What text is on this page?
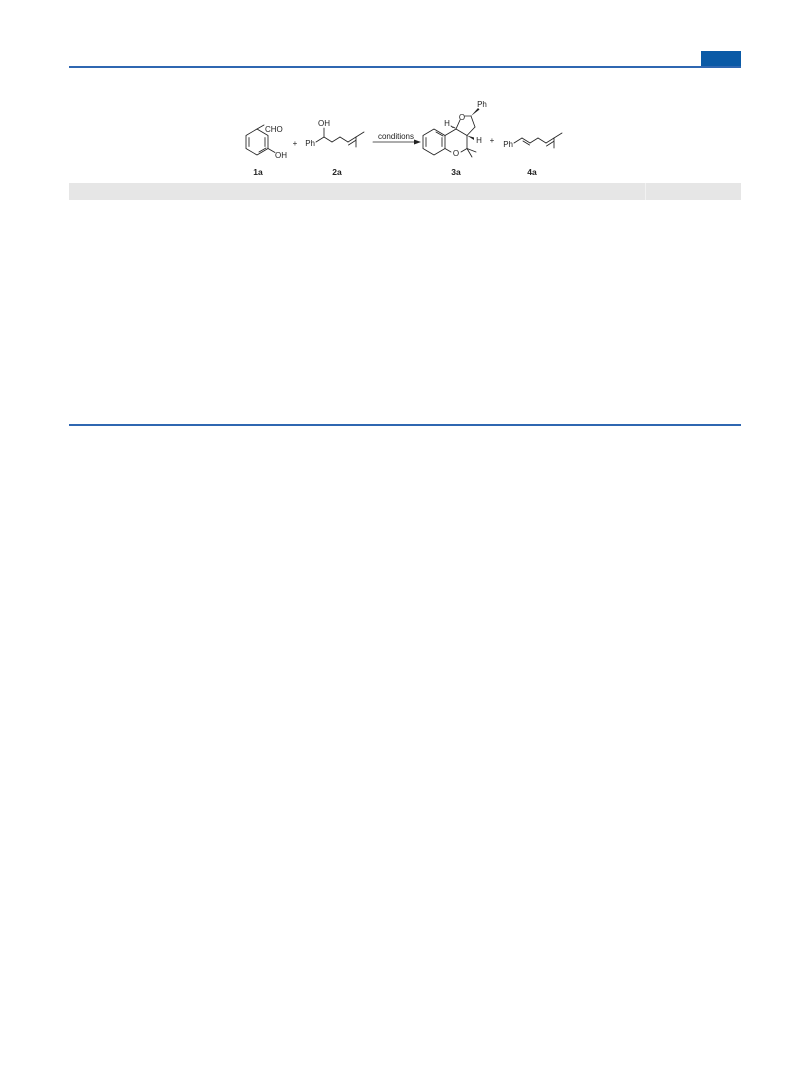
CHO
OH
1a
+
OH
Ph
2a
conditions
H
O
Ph
H
O
3a
+ Ph
4a
